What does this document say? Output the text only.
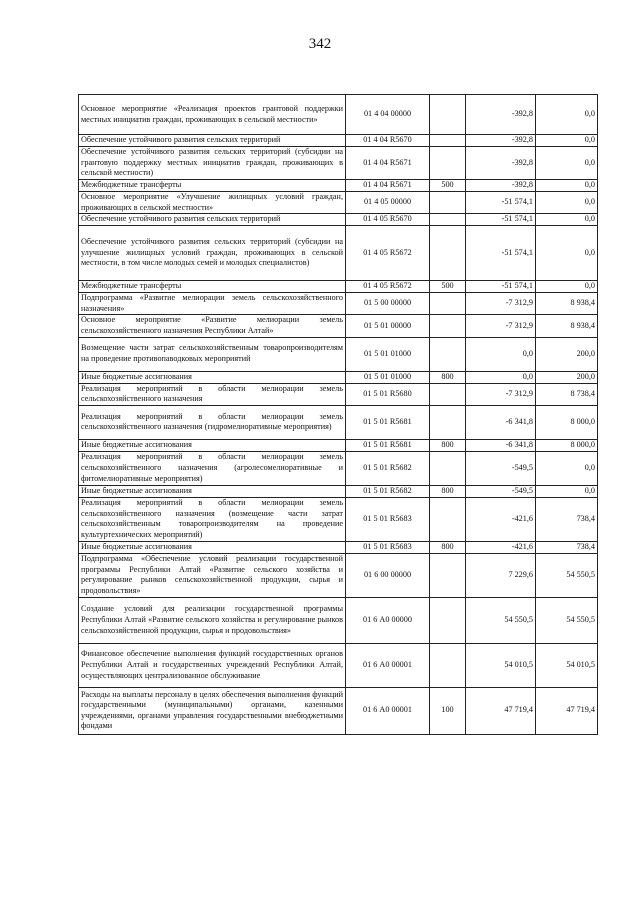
342
Основное мероприятие «Реализация проектов грантовой поддержки местных инициатив граждан, проживающих в сельской местности»	01 4 04 00000		-392,8	0,0
Обеспечение устойчивого развития сельских территорий	01 4 04 R5670		-392,8	0,0
Обеспечение устойчивого развития сельских территорий (субсидии на грантовую поддержку местных инициатив граждан, проживающих в сельской местности)	01 4 04 R5671		-392,8	0,0
Межбюджетные трансферты	01 4 04 R5671	500	-392,8	0,0
Основное мероприятие «Улучшение жилищных условий граждан, проживающих в сельской местности»	01 4 05 00000		-51 574,1	0,0
Обеспечение устойчивого развития сельских территорий	01 4 05 R5670		-51 574,1	0,0
Обеспечение устойчивого развития сельских территорий (субсидии на улучшение жилищных условий граждан, проживающих в сельской местности, в том числе молодых семей и молодых специалистов)	01 4 05 R5672		-51 574,1	0,0
Межбюджетные трансферты	01 4 05 R5672	500	-51 574,1	0,0
Подпрограмма «Развитие мелиорации земель сельскохозяйственного назначения»	01 5 00 00000		-7 312,9	8 938,4
Основное мероприятие «Развитие мелиорации земель сельскохозяйственного назначения Республики Алтай»	01 5 01 00000		-7 312,9	8 938,4
Возмещение части затрат сельскохозяйственным товаропроизводителям на проведение противопаводковых мероприятий	01 5 01 01000		0,0	200,0
Иные бюджетные ассигнования	01 5 01 01000	800	0,0	200,0
Реализация мероприятий в области мелиорации земель сельскохозяйственного назначения	01 5 01 R5680		-7 312,9	8 738,4
Реализация мероприятий в области мелиорации земель сельскохозяйственного назначения (гидромелиоративные мероприятия)	01 5 01 R5681		-6 341,8	8 000,0
Иные бюджетные ассигнования	01 5 01 R5681	800	-6 341,8	8 000,0
Реализация мероприятий в области мелиорации земель сельскохозяйственного назначения (агролесомелиоративные и фитомелиоративные мероприятия)	01 5 01 R5682		-549,5	0,0
Иные бюджетные ассигнования	01 5 01 R5682	800	-549,5	0,0
Реализация мероприятий в области мелиорации земель сельскохозяйственного назначения (возмещение части затрат сельскохозяйственным товаропроизводителям на проведение культуртехнических мероприятий)	01 5 01 R5683		-421,6	738,4
Иные бюджетные ассигнования	01 5 01 R5683	800	-421,6	738,4
Подпрограмма «Обеспечение условий реализации государственной программы Республики Алтай «Развитие сельского хозяйства и регулирование рынков сельскохозяйственной продукции, сырья и продовольствия»	01 6 00 00000		7 229,6	54 550,5
Создание условий для реализации государственной программы Республики Алтай «Развитие сельского хозяйства и регулирование рынков сельскохозяйственной продукции, сырья и продовольствия»	01 6 А0 00000		54 550,5	54 550,5
Финансовое обеспечение выполнения функций государственных органов Республики Алтай и государственных учреждений Республики Алтай, осуществляющих централизованное обслуживание	01 6 А0 00001		54 010,5	54 010,5
Расходы на выплаты персоналу в целях обеспечения выполнения функций государственными (муниципальными) органами, казенными учреждениями, органами управления государственными внебюджетными фондами	01 6 А0 00001	100	47 719,4	47 719,4
